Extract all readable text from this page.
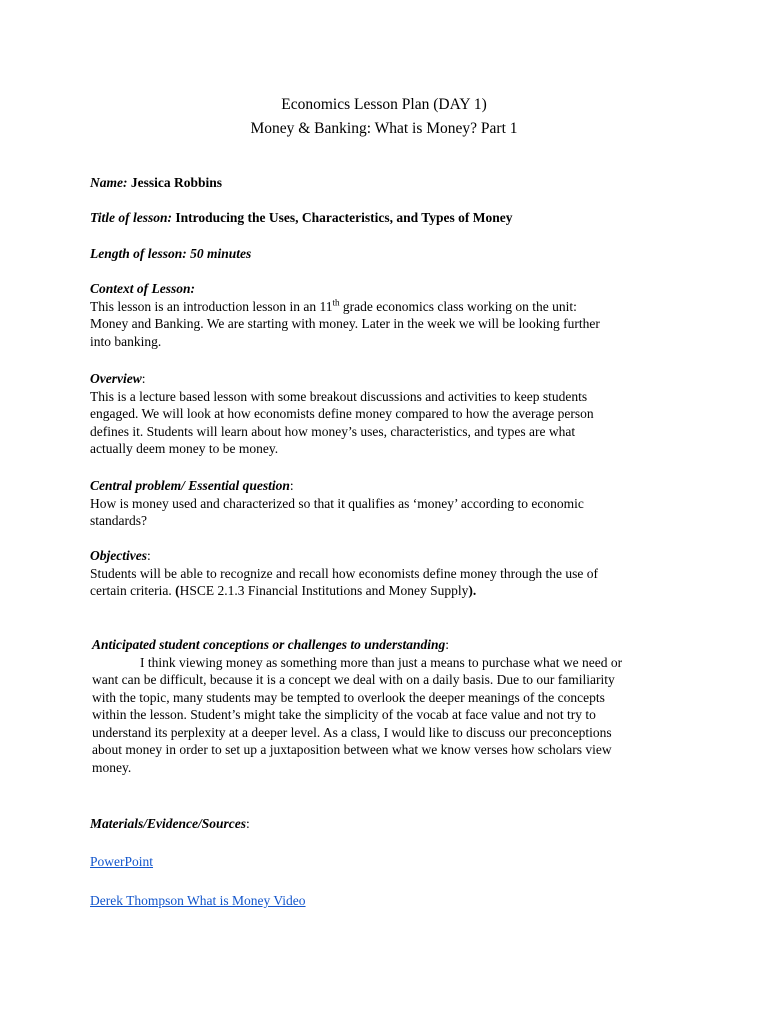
Economics Lesson Plan (DAY 1)
Money & Banking: What is Money? Part 1
Name: Jessica Robbins
Title of lesson: Introducing the Uses, Characteristics, and Types of Money
Length of lesson: 50 minutes
Context of Lesson:
This lesson is an introduction lesson in an 11th grade economics class working on the unit:
Money and Banking. We are starting with money. Later in the week we will be looking further
into banking.
Overview:
This is a lecture based lesson with some breakout discussions and activities to keep students
engaged. We will look at how economists define money compared to how the average person
defines it. Students will learn about how money’s uses, characteristics, and types are what
actually deem money to be money.
Central problem/ Essential question:
How is money used and characterized so that it qualifies as ‘money’ according to economic
standards?
Objectives:
Students will be able to recognize and recall how economists define money through the use of
certain criteria. (HSCE 2.1.3 Financial Institutions and Money Supply).
Anticipated student conceptions or challenges to understanding:
I think viewing money as something more than just a means to purchase what we need or
want can be difficult, because it is a concept we deal with on a daily basis. Due to our familiarity
with the topic, many students may be tempted to overlook the deeper meanings of the concepts
within the lesson. Student’s might take the simplicity of the vocab at face value and not try to
understand its perplexity at a deeper level. As a class, I would like to discuss our preconceptions
about money in order to set up a juxtaposition between what we know verses how scholars view
money.
Materials/Evidence/Sources:
PowerPoint
Derek Thompson What is Money Video
